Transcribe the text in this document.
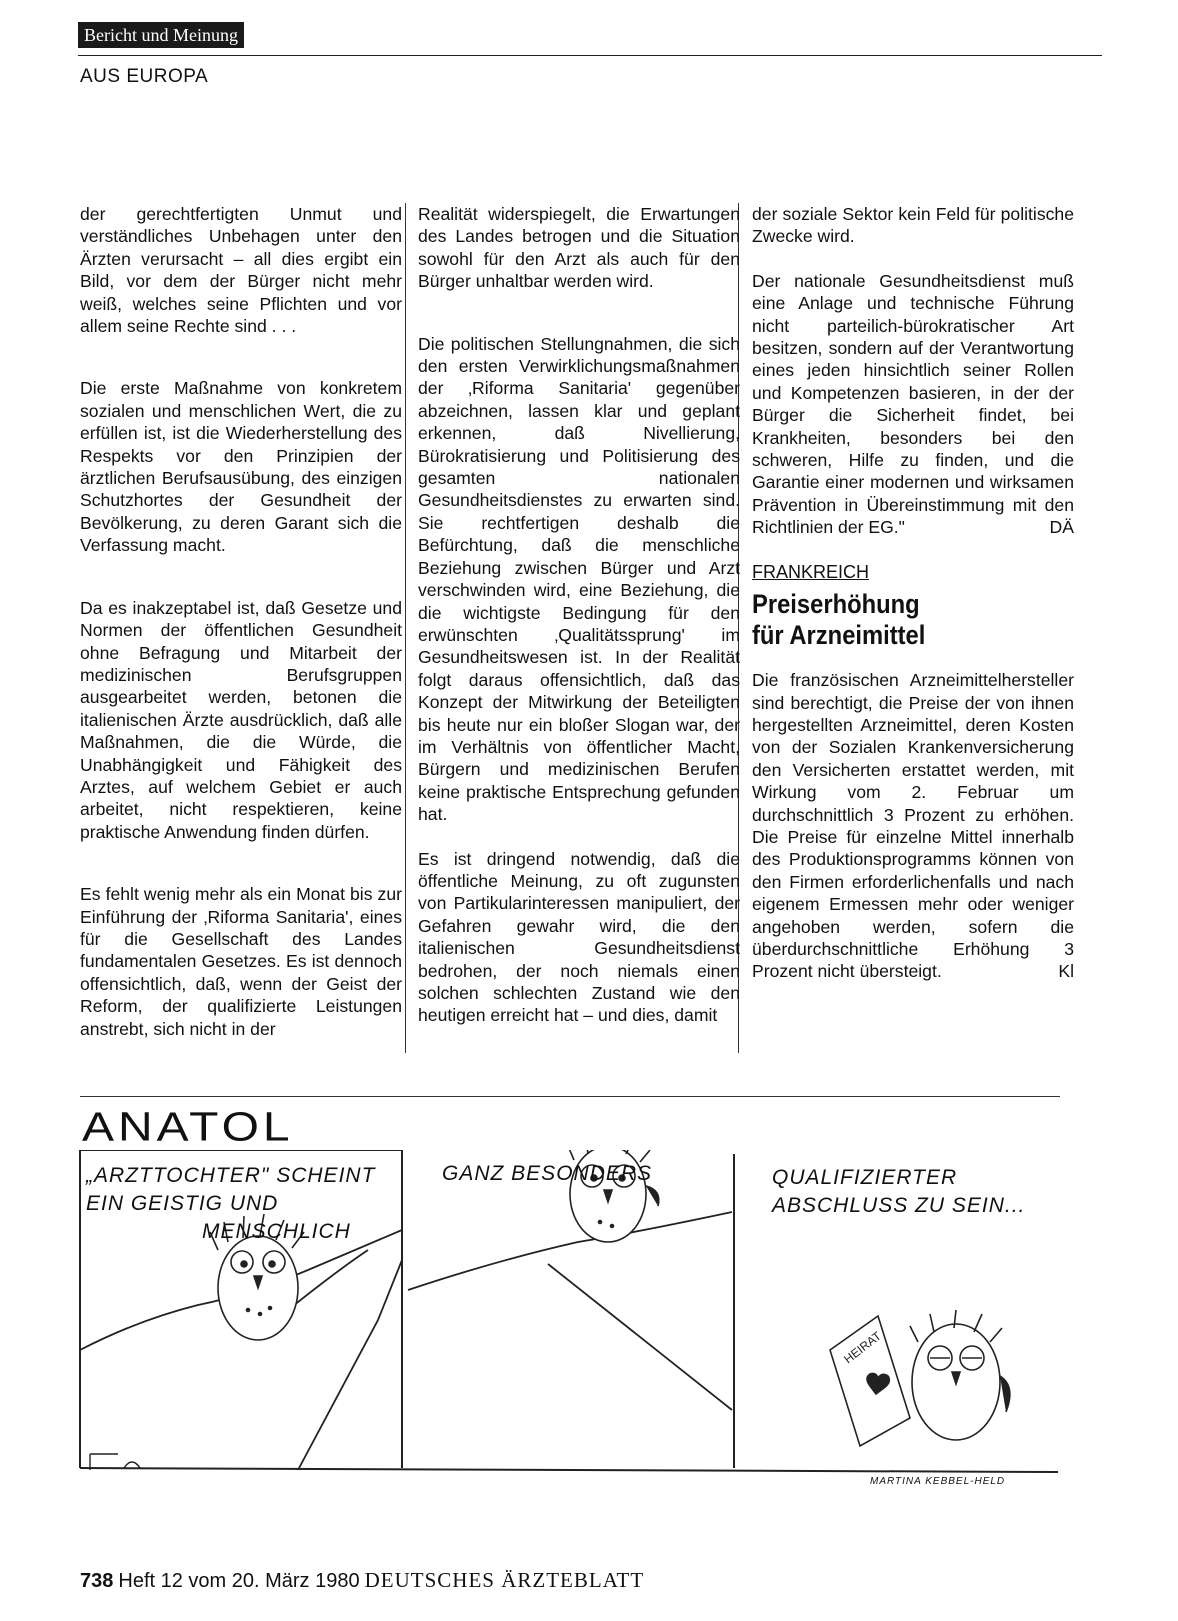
Bericht und Meinung
AUS EUROPA

der gerechtfertigten Unmut und verständliches Unbehagen unter den Ärzten verursacht – all dies ergibt ein Bild, vor dem der Bürger nicht mehr weiß, welches seine Pflichten und vor allem seine Rechte sind . . .

Die erste Maßnahme von konkretem sozialen und menschlichen Wert, die zu erfüllen ist, ist die Wiederherstellung des Respekts vor den Prinzipien der ärztlichen Berufsausübung, des einzigen Schutzhortes der Gesundheit der Bevölkerung, zu deren Garant sich die Verfassung macht.

Da es inakzeptabel ist, daß Gesetze und Normen der öffentlichen Gesundheit ohne Befragung und Mitarbeit der medizinischen Berufsgruppen ausgearbeitet werden, betonen die italienischen Ärzte ausdrücklich, daß alle Maßnahmen, die die Würde, die Unabhängigkeit und Fähigkeit des Arztes, auf welchem Gebiet er auch arbeitet, nicht respektieren, keine praktische Anwendung finden dürfen.

Es fehlt wenig mehr als ein Monat bis zur Einführung der ‚Riforma Sanitaria', eines für die Gesellschaft des Landes fundamentalen Gesetzes. Es ist dennoch offensichtlich, daß, wenn der Geist der Reform, der qualifizierte Leistungen anstrebt, sich nicht in der

Realität widerspiegelt, die Erwartungen des Landes betrogen und die Situation sowohl für den Arzt als auch für den Bürger unhaltbar werden wird.

Die politischen Stellungnahmen, die sich den ersten Verwirklichungsmaßnahmen der ‚Riforma Sanitaria' gegenüber abzeichnen, lassen klar und geplant erkennen, daß Nivellierung, Bürokratisierung und Politisierung des gesamten nationalen Gesundheitsdienstes zu erwarten sind. Sie rechtfertigen deshalb die Befürchtung, daß die menschliche Beziehung zwischen Bürger und Arzt verschwinden wird, eine Beziehung, die die wichtigste Bedingung für den erwünschten ‚Qualitätssprung' im Gesundheitswesen ist. In der Realität folgt daraus offensichtlich, daß das Konzept der Mitwirkung der Beteiligten bis heute nur ein bloßer Slogan war, der im Verhältnis von öffentlicher Macht, Bürgern und medizinischen Berufen keine praktische Entsprechung gefunden hat.

Es ist dringend notwendig, daß die öffentliche Meinung, zu oft zugunsten von Partikularinteressen manipuliert, der Gefahren gewahr wird, die den italienischen Gesundheitsdienst bedrohen, der noch niemals einen solchen schlechten Zustand wie den heutigen erreicht hat – und dies, damit

der soziale Sektor kein Feld für politische Zwecke wird.

Der nationale Gesundheitsdienst muß eine Anlage und technische Führung nicht parteilich-bürokratischer Art besitzen, sondern auf der Verantwortung eines jeden hinsichtlich seiner Rollen und Kompetenzen basieren, in der der Bürger die Sicherheit findet, bei Krankheiten, besonders bei den schweren, Hilfe zu finden, und die Garantie einer modernen und wirksamen Prävention in Übereinstimmung mit den Richtlinien der EG."	DÄ

FRANKREICH
Preiserhöhung
für Arzneimittel

Die französischen Arzneimittelhersteller sind berechtigt, die Preise der von ihnen hergestellten Arzneimittel, deren Kosten von der Sozialen Krankenversicherung den Versicherten erstattet werden, mit Wirkung vom 2. Februar um durchschnittlich 3 Prozent zu erhöhen. Die Preise für einzelne Mittel innerhalb des Produktionsprogramms können von den Firmen erforderlichenfalls und nach eigenem Ermessen mehr oder weniger angehoben werden, sofern die überdurchschnittliche Erhöhung 3 Prozent nicht übersteigt.	Kl

ANATOL
HEIRAT
„ARZTTOCHTER" SCHEINT
EIN GEISTIG UND
MENSCHLICH
GANZ BESONDERS	QUALIFIZIERTER
ABSCHLUSS ZU SEIN...
MARTINA KEBBEL-HELD
738 Heft 12 vom 20. März 1980 DEUTSCHES ÄRZTEBLATT
